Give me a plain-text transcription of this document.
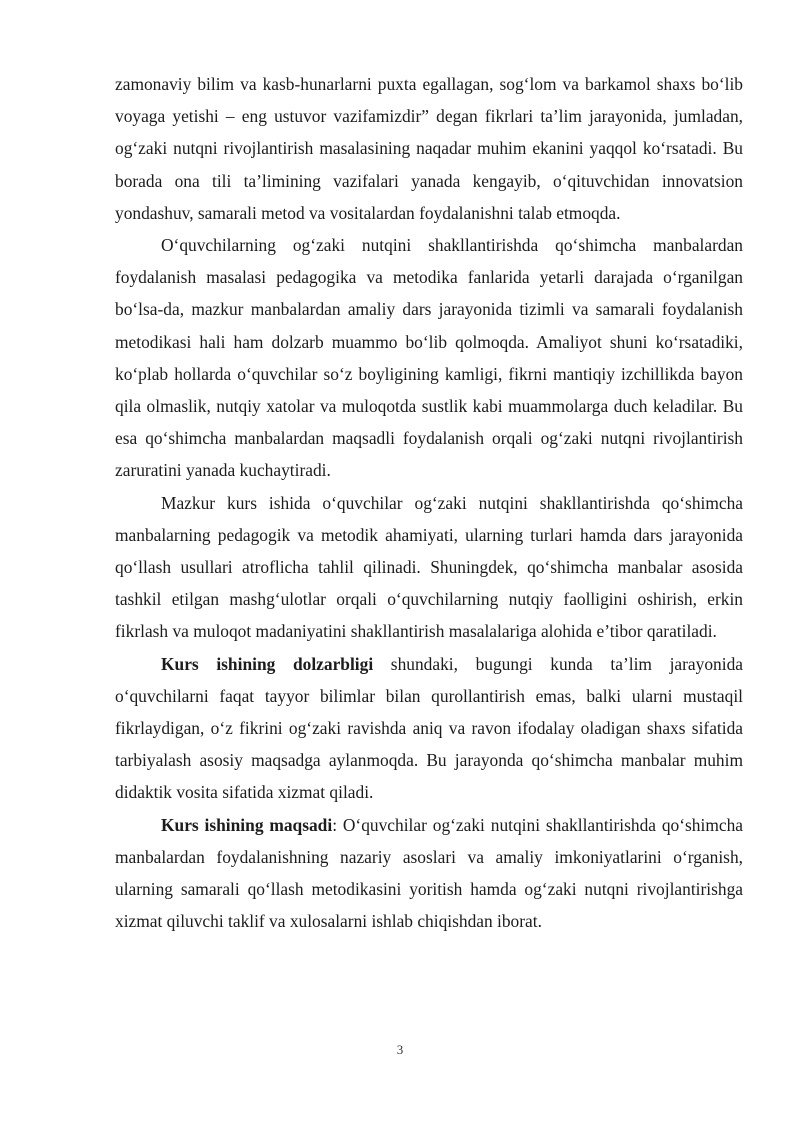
zamonaviy bilim va kasb-hunarlarni puxta egallagan, sog‘lom va barkamol shaxs bo‘lib voyaga yetishi – eng ustuvor vazifamizdir” degan fikrlari ta’lim jarayonida, jumladan, og‘zaki nutqni rivojlantirish masalasining naqadar muhim ekanini yaqqol ko‘rsatadi. Bu borada ona tili ta’limining vazifalari yanada kengayib, o‘qituvchidan innovatsion yondashuv, samarali metod va vositalardan foydalanishni talab etmoqda.

O‘quvchilarning og‘zaki nutqini shakllantirishda qo‘shimcha manbalardan foydalanish masalasi pedagogika va metodika fanlarida yetarli darajada o‘rganilgan bo‘lsa-da, mazkur manbalardan amaliy dars jarayonida tizimli va samarali foydalanish metodikasi hali ham dolzarb muammo bo‘lib qolmoqda. Amaliyot shuni ko‘rsatadiki, ko‘plab hollarda o‘quvchilar so‘z boyligining kamligi, fikrni mantiqiy izchillikda bayon qila olmaslik, nutqiy xatolar va muloqotda sustlik kabi muammolarga duch keladilar. Bu esa qo‘shimcha manbalardan maqsadli foydalanish orqali og‘zaki nutqni rivojlantirish zaruratini yanada kuchaytiradi.

Mazkur kurs ishida o‘quvchilar og‘zaki nutqini shakllantirishda qo‘shimcha manbalarning pedagogik va metodik ahamiyati, ularning turlari hamda dars jarayonida qo‘llash usullari atroflicha tahlil qilinadi. Shuningdek, qo‘shimcha manbalar asosida tashkil etilgan mashg‘ulotlar orqali o‘quvchilarning nutqiy faolligini oshirish, erkin fikrlash va muloqot madaniyatini shakllantirish masalalariga alohida e’tibor qaratiladi.

Kurs ishining dolzarbligi shundaki, bugungi kunda ta’lim jarayonida o‘quvchilarni faqat tayyor bilimlar bilan qurollantirish emas, balki ularni mustaqil fikrlaydigan, o‘z fikrini og‘zaki ravishda aniq va ravon ifodalay oladigan shaxs sifatida tarbiyalash asosiy maqsadga aylanmoqda. Bu jarayonda qo‘shimcha manbalar muhim didaktik vosita sifatida xizmat qiladi.

Kurs ishining maqsadi: O‘quvchilar og‘zaki nutqini shakllantirishda qo‘shimcha manbalardan foydalanishning nazariy asoslari va amaliy imkoniyatlarini o‘rganish, ularning samarali qo‘llash metodikasini yoritish hamda og‘zaki nutqni rivojlantirishga xizmat qiluvchi taklif va xulosalarni ishlab chiqishdan iborat.

3
